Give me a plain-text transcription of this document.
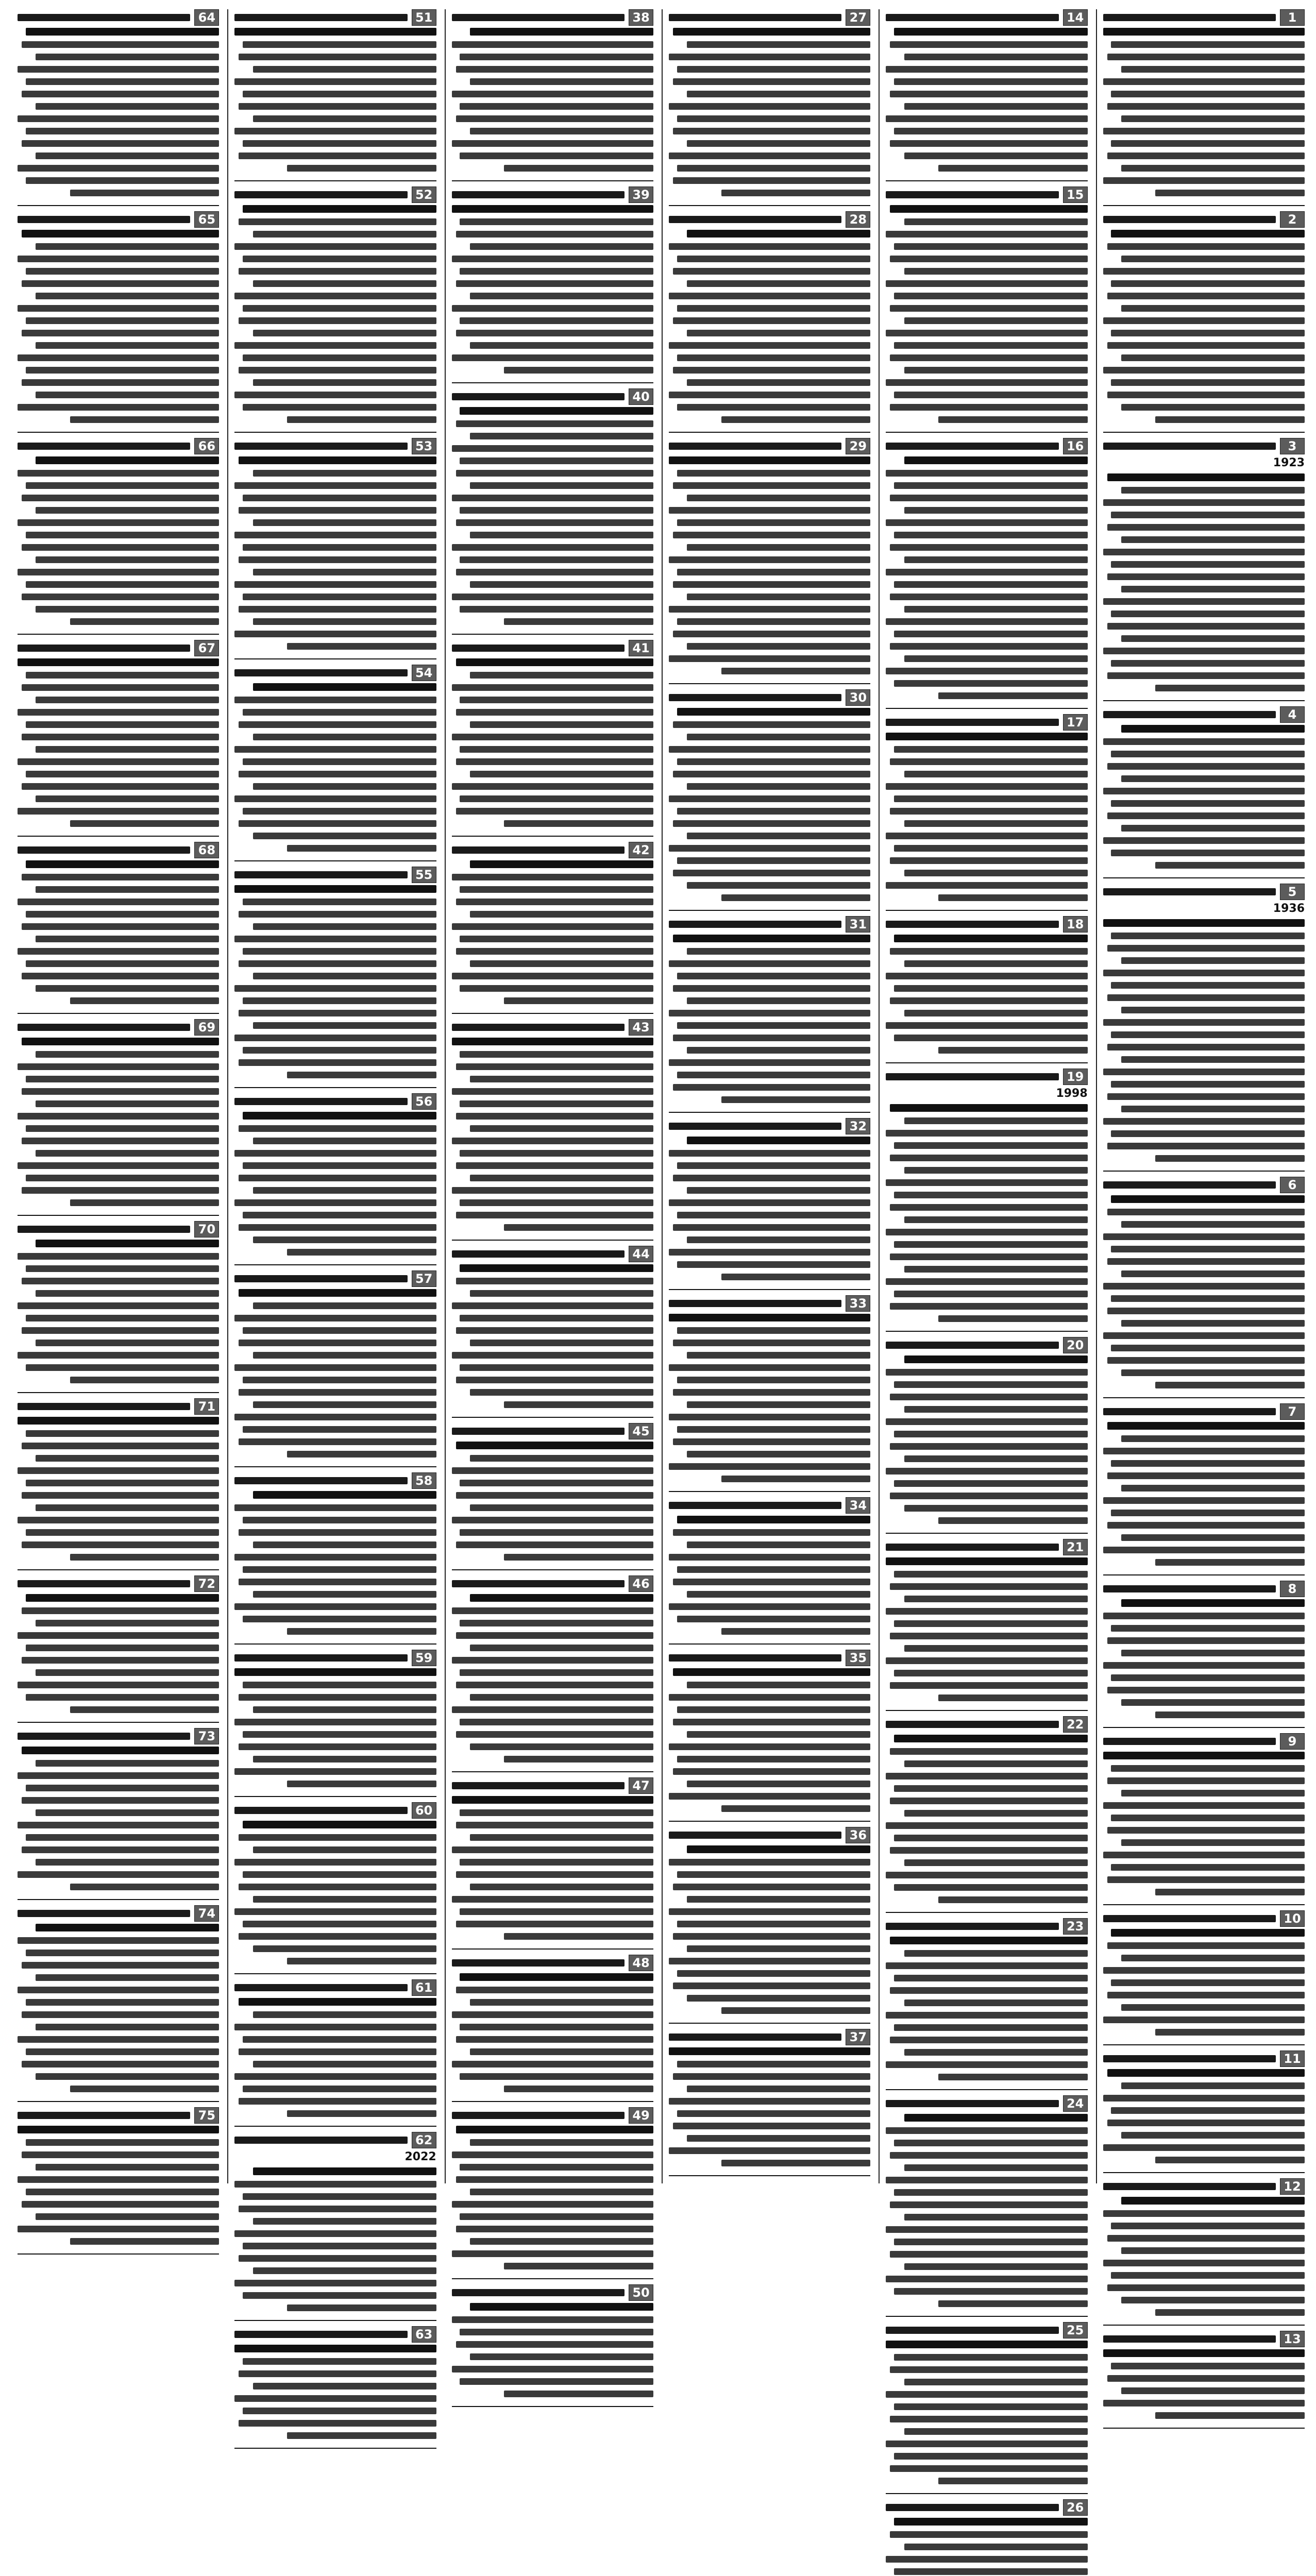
1
2
3
1923
4
5
1936
6
7
8
9
10
11
12
13
14
15
16
17
18
19
1998
20
21
22
23
24
25
26
27
28
29
30
31
32
33
34
35
36
37
38
39
40
41
42
43
44
45
46
47
48
49
50
51
52
53
54
55
56
57
58
59
60
61
62
2022
63
64
65
66
67
68
69
70
71
72
73
74
75
